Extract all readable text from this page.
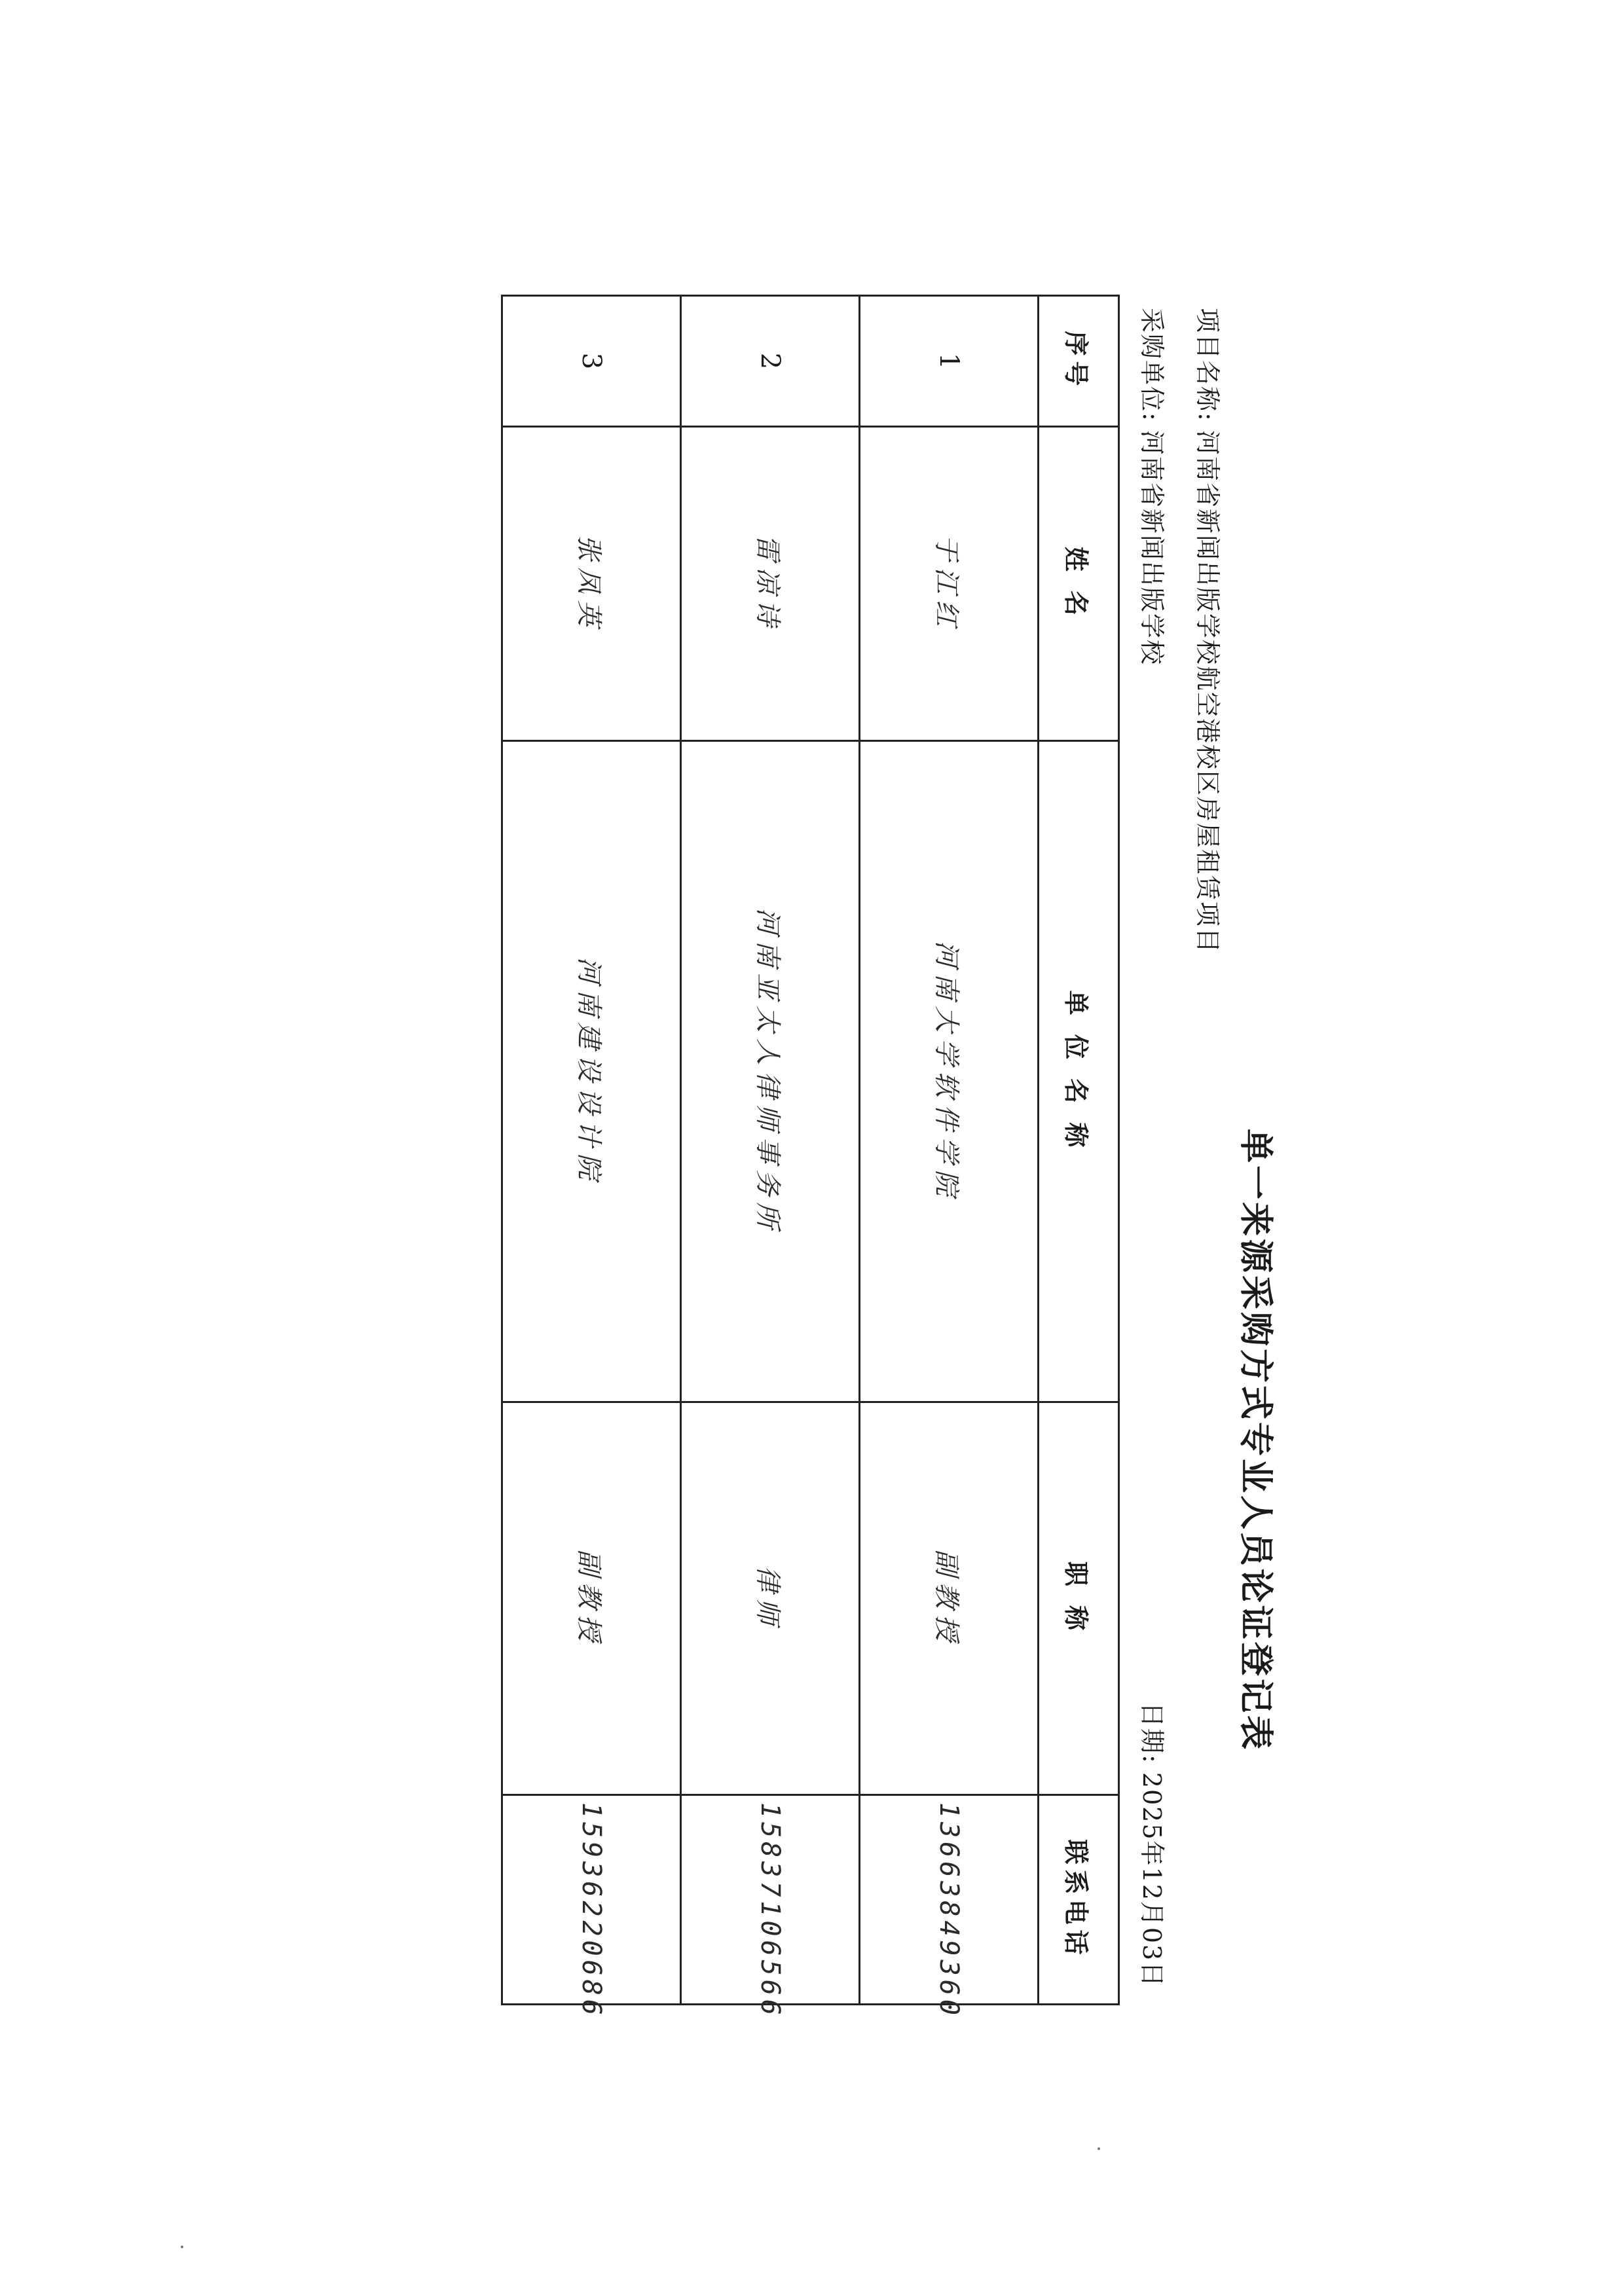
单一来源采购方式专业人员论证登记表
项目名称:河南省新闻出版学校航空港校区房屋租赁项目
采购单位:河南省新闻出版学校
日期:2025年12月03日
序号	姓 名	单 位 名 称	职 称	联系电话
1	于江红	河南大学软件学院	副教授	13663849360
2	雷凉诗	河南亚太人律师事务所	律师	15837106566
3	张凤英	河南建设设计院	副教授	15936220686
